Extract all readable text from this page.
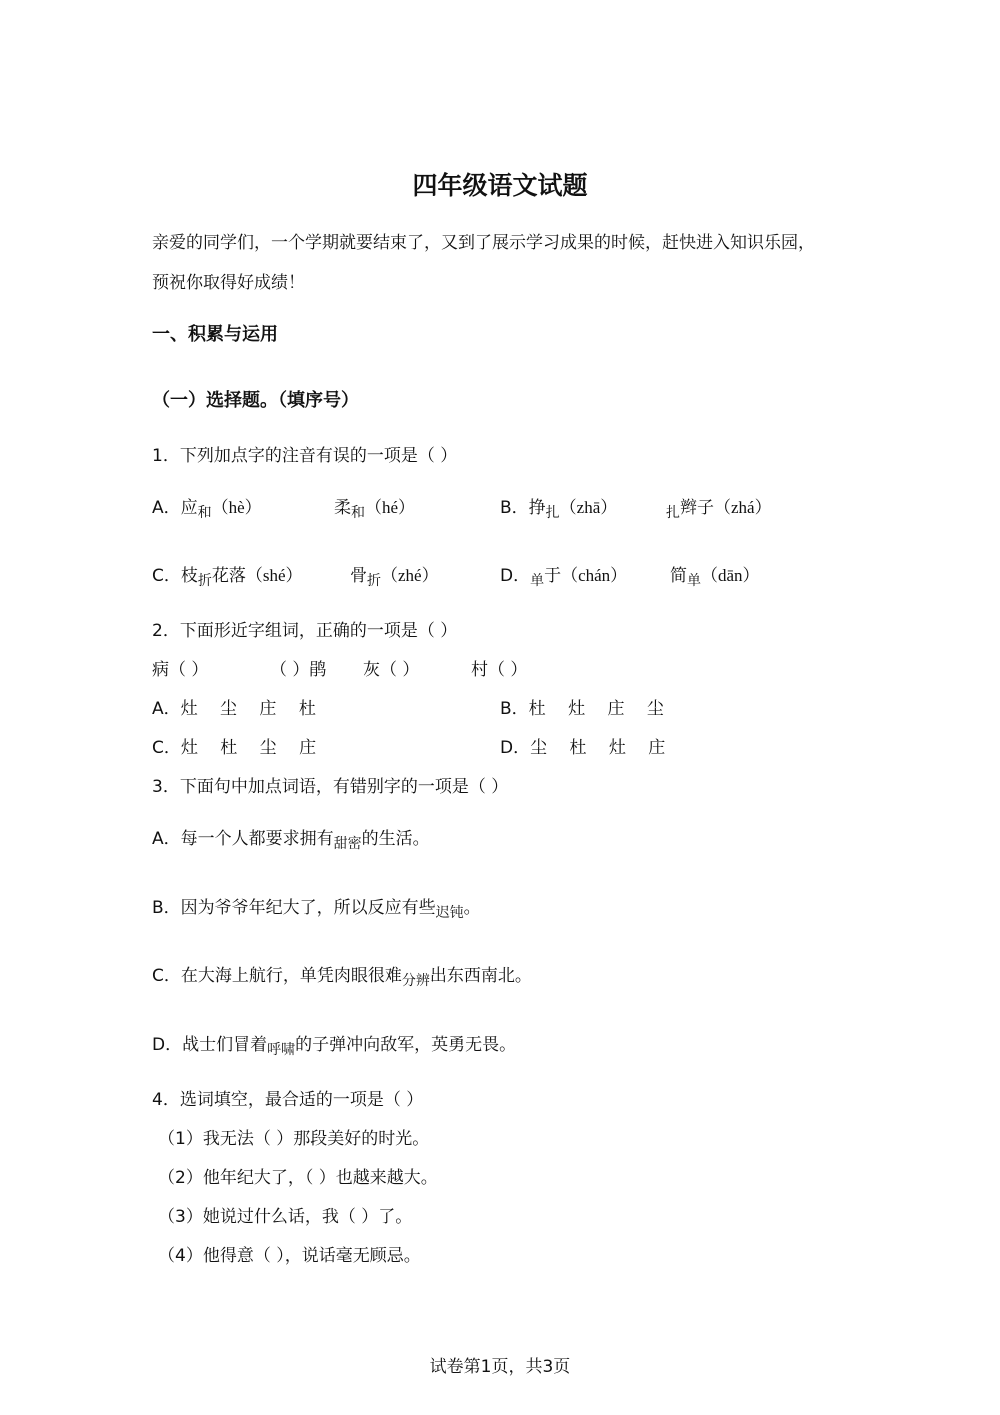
四年级语文试题
亲爱的同学们，一个学期就要结束了，又到了展示学习成果的时候，赶快进入知识乐园，
预祝你取得好成绩！
一、积累与运用
（一）选择题。（填序号）
1．下列加点字的注音有误的一项是（ ）
A．应$_和$（hè）	柔$_和$（hé）	B．挣$_扎$（zhā）	$_扎$辫子（zhá）
C．枝$_折$花落（shé）	骨$_折$（zhé）	D．$_单$于（chán）	简$_单$（dān）
2．下面形近字组词，正确的一项是（ ）
病（ ）	（ ）鹃 灰（ ）	村（ ）
A．灶　 尘　 庄　 杜	B．杜　 灶　 庄　 尘
C．灶　 杜　 尘　 庄	D．尘　 杜　 灶　 庄
3．下面句中加点词语，有错别字的一项是（ ）
A．每一个人都要求拥有$_{甜密}$的生活。
B．因为爷爷年纪大了，所以反应有些$_{迟钝}$。
C．在大海上航行，单凭肉眼很难$_{分辨}$出东西南北。
D．战士们冒着$_{呼啸}$的子弹冲向敌军，英勇无畏。
4．选词填空，最合适的一项是（ ）
（1）我无法（ ）那段美好的时光。
（2）他年纪大了，（ ）也越来越大。
（3）她说过什么话，我（ ）了。
（4）他得意（ ），说话毫无顾忌。
试卷第1页，共3页
